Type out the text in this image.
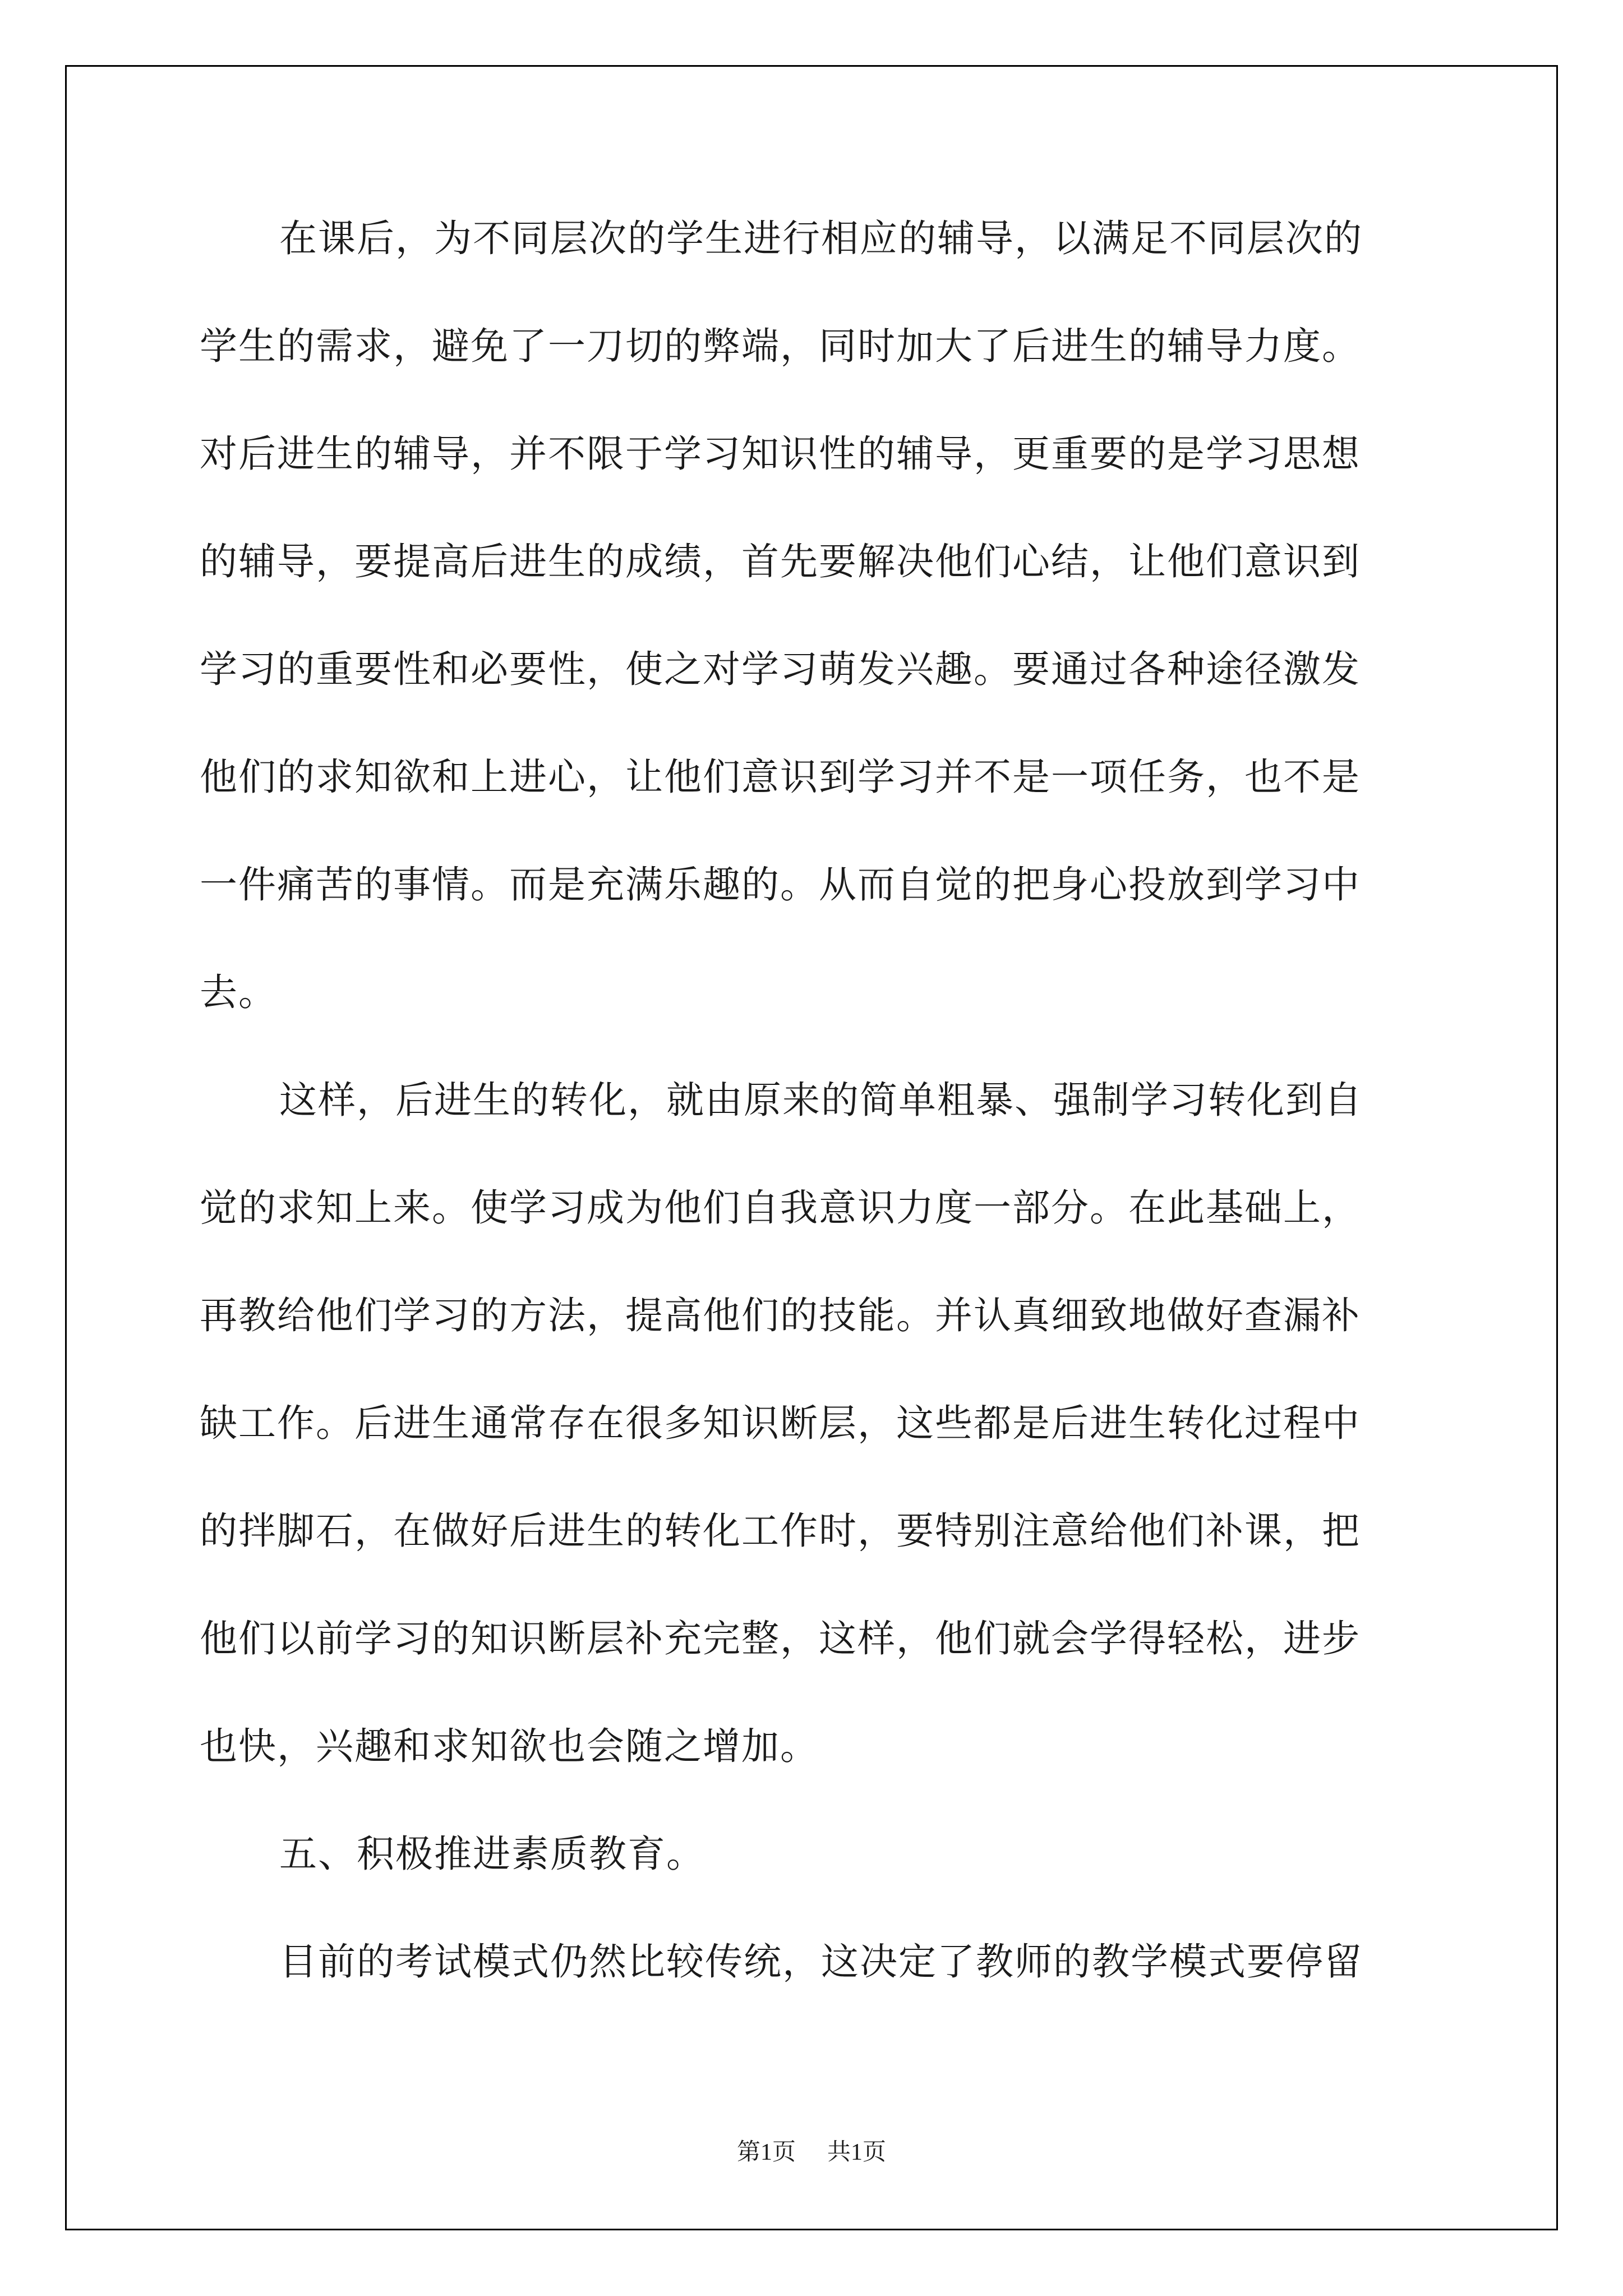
在课后，为不同层次的学生进行相应的辅导，以满足不同层次的

学生的需求，避免了一刀切的弊端，同时加大了后进生的辅导力度。

对后进生的辅导，并不限于学习知识性的辅导，更重要的是学习思想

的辅导，要提高后进生的成绩，首先要解决他们心结，让他们意识到

学习的重要性和必要性，使之对学习萌发兴趣。要通过各种途径激发

他们的求知欲和上进心，让他们意识到学习并不是一项任务，也不是

一件痛苦的事情。而是充满乐趣的。从而自觉的把身心投放到学习中

去。

这样，后进生的转化，就由原来的简单粗暴、强制学习转化到自

觉的求知上来。使学习成为他们自我意识力度一部分。在此基础上，

再教给他们学习的方法，提高他们的技能。并认真细致地做好查漏补

缺工作。后进生通常存在很多知识断层，这些都是后进生转化过程中

的拌脚石，在做好后进生的转化工作时，要特别注意给他们补课，把

他们以前学习的知识断层补充完整，这样，他们就会学得轻松，进步

也快，兴趣和求知欲也会随之增加。

五、积极推进素质教育。

目前的考试模式仍然比较传统，这决定了教师的教学模式要停留

第1页 共1页
